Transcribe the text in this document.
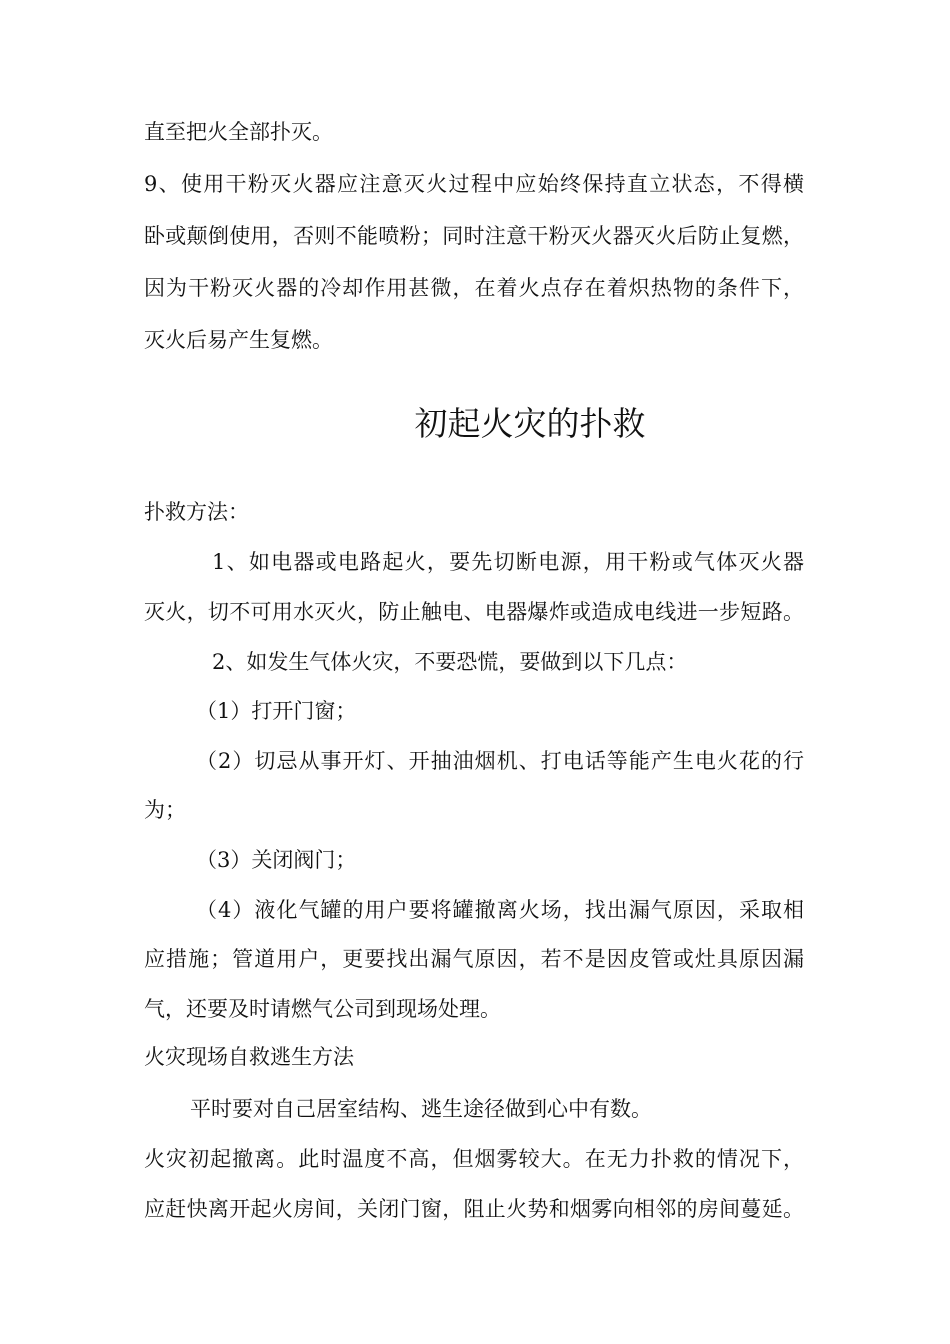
直至把火全部扑灭。
9、使用干粉灭火器应注意灭火过程中应始终保持直立状态，不得横
卧或颠倒使用，否则不能喷粉；同时注意干粉灭火器灭火后防止复燃，
因为干粉灭火器的冷却作用甚微，在着火点存在着炽热物的条件下，
灭火后易产生复燃。
初起火灾的扑救
扑救方法：
1、如电器或电路起火，要先切断电源，用干粉或气体灭火器
灭火，切不可用水灭火，防止触电、电器爆炸或造成电线进一步短路。
2、如发生气体火灾，不要恐慌，要做到以下几点：
（1）打开门窗；
（2）切忌从事开灯、开抽油烟机、打电话等能产生电火花的行
为；
（3）关闭阀门；
（4）液化气罐的用户要将罐撤离火场，找出漏气原因，采取相
应措施；管道用户，更要找出漏气原因，若不是因皮管或灶具原因漏
气，还要及时请燃气公司到现场处理。
火灾现场自救逃生方法
平时要对自己居室结构、逃生途径做到心中有数。
火灾初起撤离。此时温度不高，但烟雾较大。在无力扑救的情况下，
应赶快离开起火房间，关闭门窗，阻止火势和烟雾向相邻的房间蔓延。
